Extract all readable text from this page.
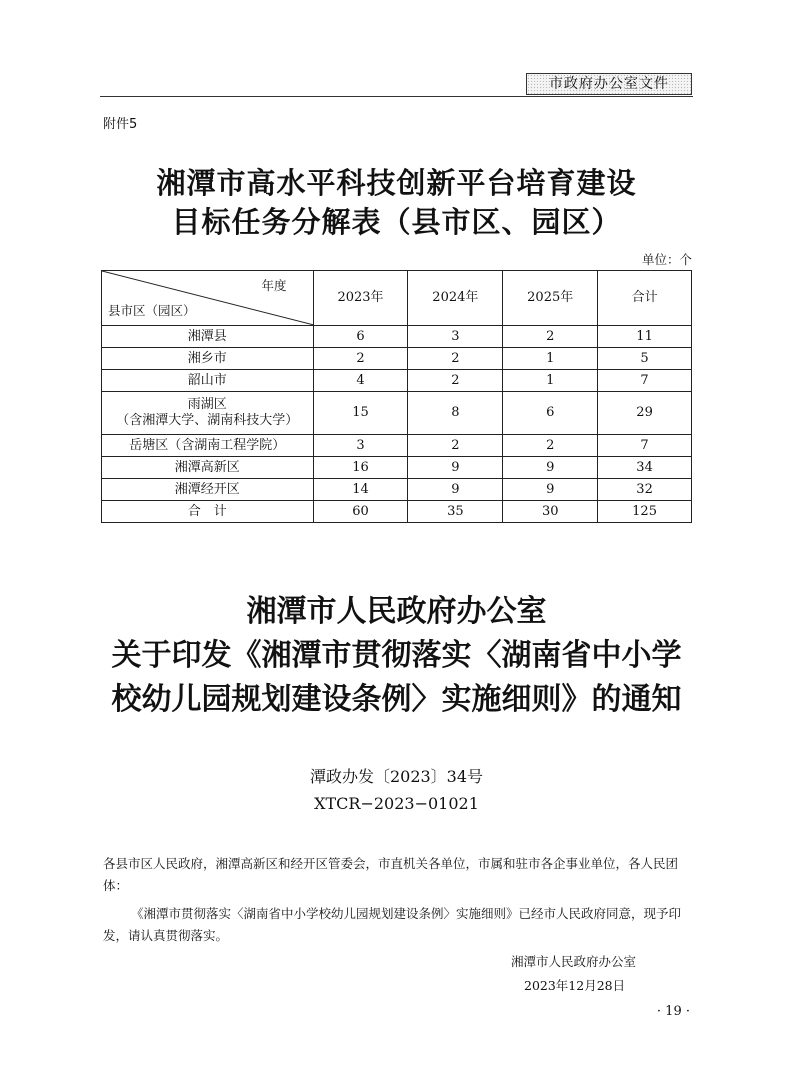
市政府办公室文件
附件5
湘潭市高水平科技创新平台培育建设
目标任务分解表（县市区、园区）
单位：个
年度
县市区（园区）	2023年	2024年	2025年	合计
湘潭县	6	3	2	11
湘乡市	2	2	1	5
韶山市	4	2	1	7

雨湖区
（含湘潭大学、湖南科技大学）	15	8	6	29
岳塘区（含湖南工程学院）	3	2	2	7
湘潭高新区	16	9	9	34
湘潭经开区	14	9	9	32
合　计	60	35	30	125
湘潭市人民政府办公室
关于印发《湘潭市贯彻落实〈湖南省中小学
校幼儿园规划建设条例〉实施细则》的通知
潭政办发〔2023〕34号
XTCR−2023−01021
各县市区人民政府，湘潭高新区和经开区管委会，市直机关各单位，市属和驻市各企事业单位，各人民团体：
《湘潭市贯彻落实〈湖南省中小学校幼儿园规划建设条例〉实施细则》已经市人民政府同意，现予印发，请认真贯彻落实。
湘潭市人民政府办公室
2023年12月28日
· 19 ·
